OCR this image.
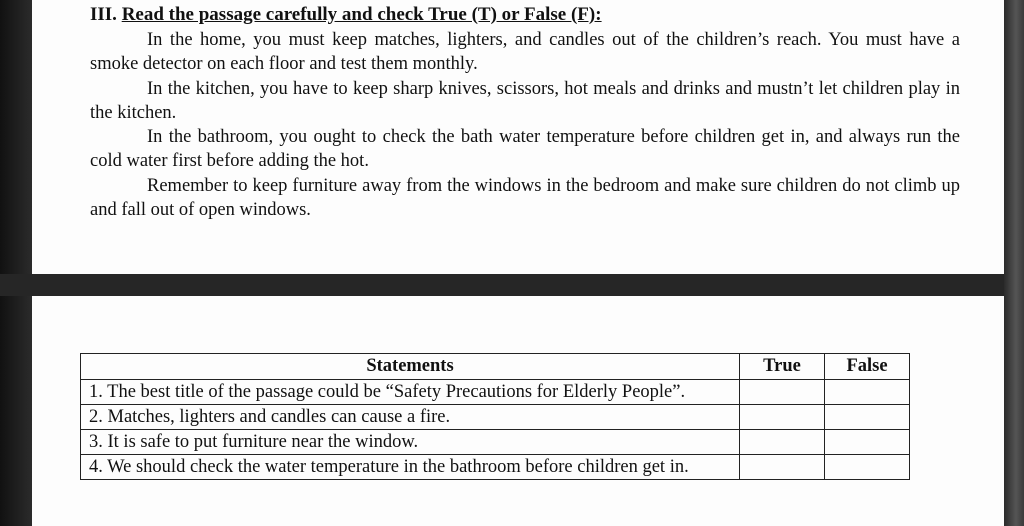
III. Read the passage carefully and check True (T) or False (F):

In the home, you must keep matches, lighters, and candles out of the children’s reach. You must have a smoke detector on each floor and test them monthly.

In the kitchen, you have to keep sharp knives, scissors, hot meals and drinks and mustn’t let children play in the kitchen.

In the bathroom, you ought to check the bath water temperature before children get in, and always run the cold water first before adding the hot.

Remember to keep furniture away from the windows in the bedroom and make sure children do not climb up and fall out of open windows.

Statements	True	False
1. The best title of the passage could be “Safety Precautions for Elderly People”.		
2. Matches, lighters and candles can cause a fire.		
3. It is safe to put furniture near the window.		
4. We should check the water temperature in the bathroom before children get in.		
